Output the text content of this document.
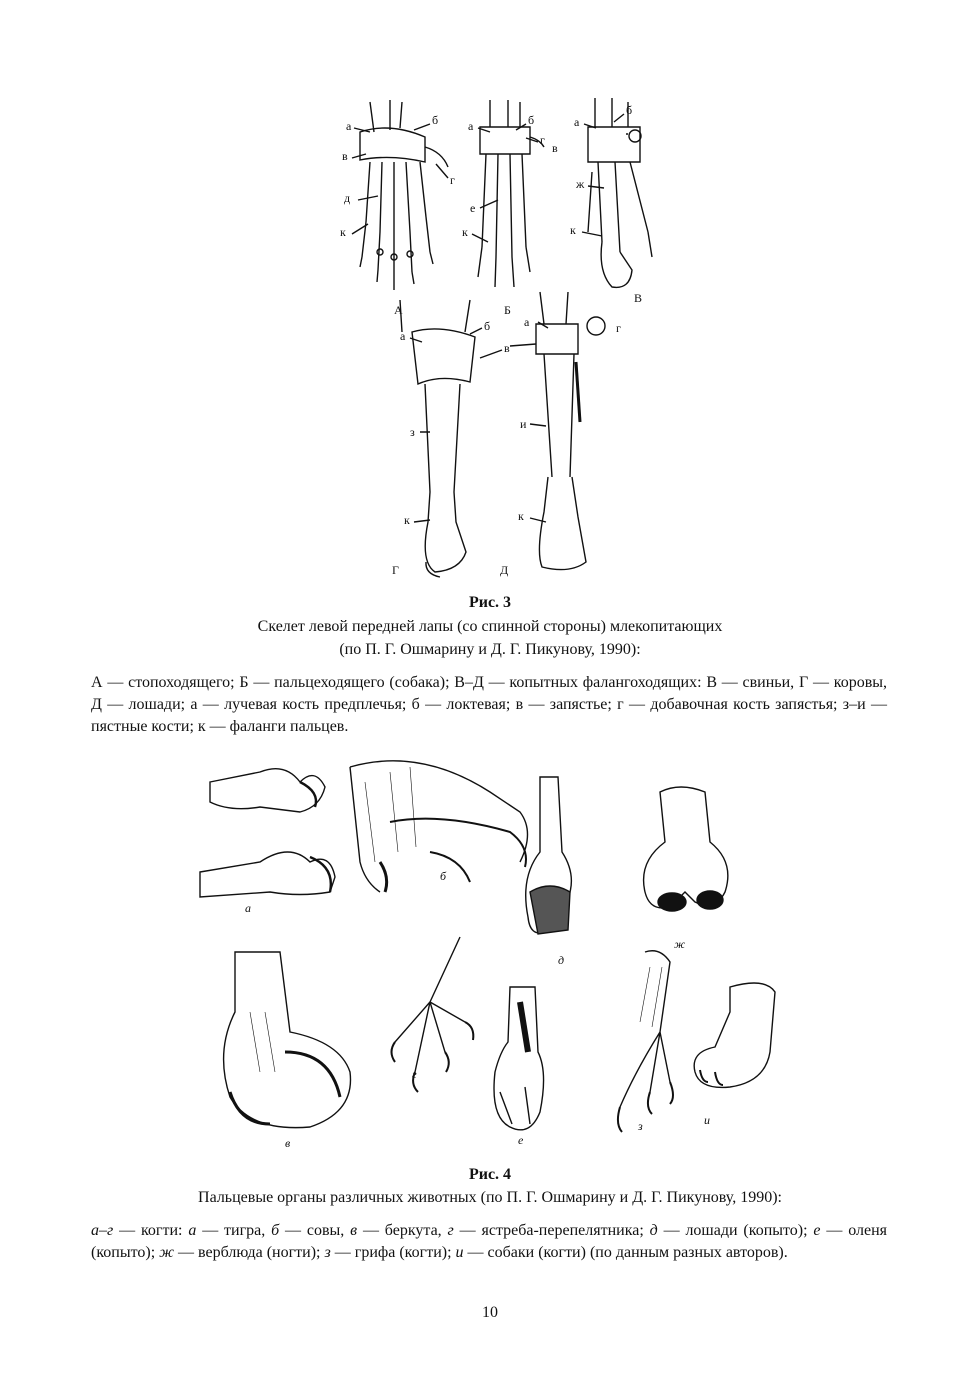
А	Б
В
Г	Д
а	б
в
г
д
к
а	б
г
е
к
а
б
в
ж
к
а
б
в
з
к
а	г
и
к
Рис. 3
Скелет левой передней лапы (со спинной стороны) млекопитающих
(по П. Г. Ошмарину и Д. Г. Пикунову, 1990):
А — стопоходящего; Б — пальцеходящего (собака); В–Д — копытных фалангоходящих: В — свиньи, Г — коровы, Д — лошади; а — лучевая кость предплечья; б — локтевая; в — запястье; г — добавочная кость запястья; з–и — пястные кости; к — фаланги пальцев.
а
б
в
г
д
е
ж
з	и
Рис. 4
Пальцевые органы различных животных (по П. Г. Ошмарину и Д. Г. Пикунову, 1990):
а–г — когти: а — тигра, б — совы, в — беркута, г — ястреба-перепелятника; д — лошади (копыто); е — оленя (копыто); ж — верблюда (ногти); з — грифа (когти); и — собаки (когти) (по данным разных авторов).
10
